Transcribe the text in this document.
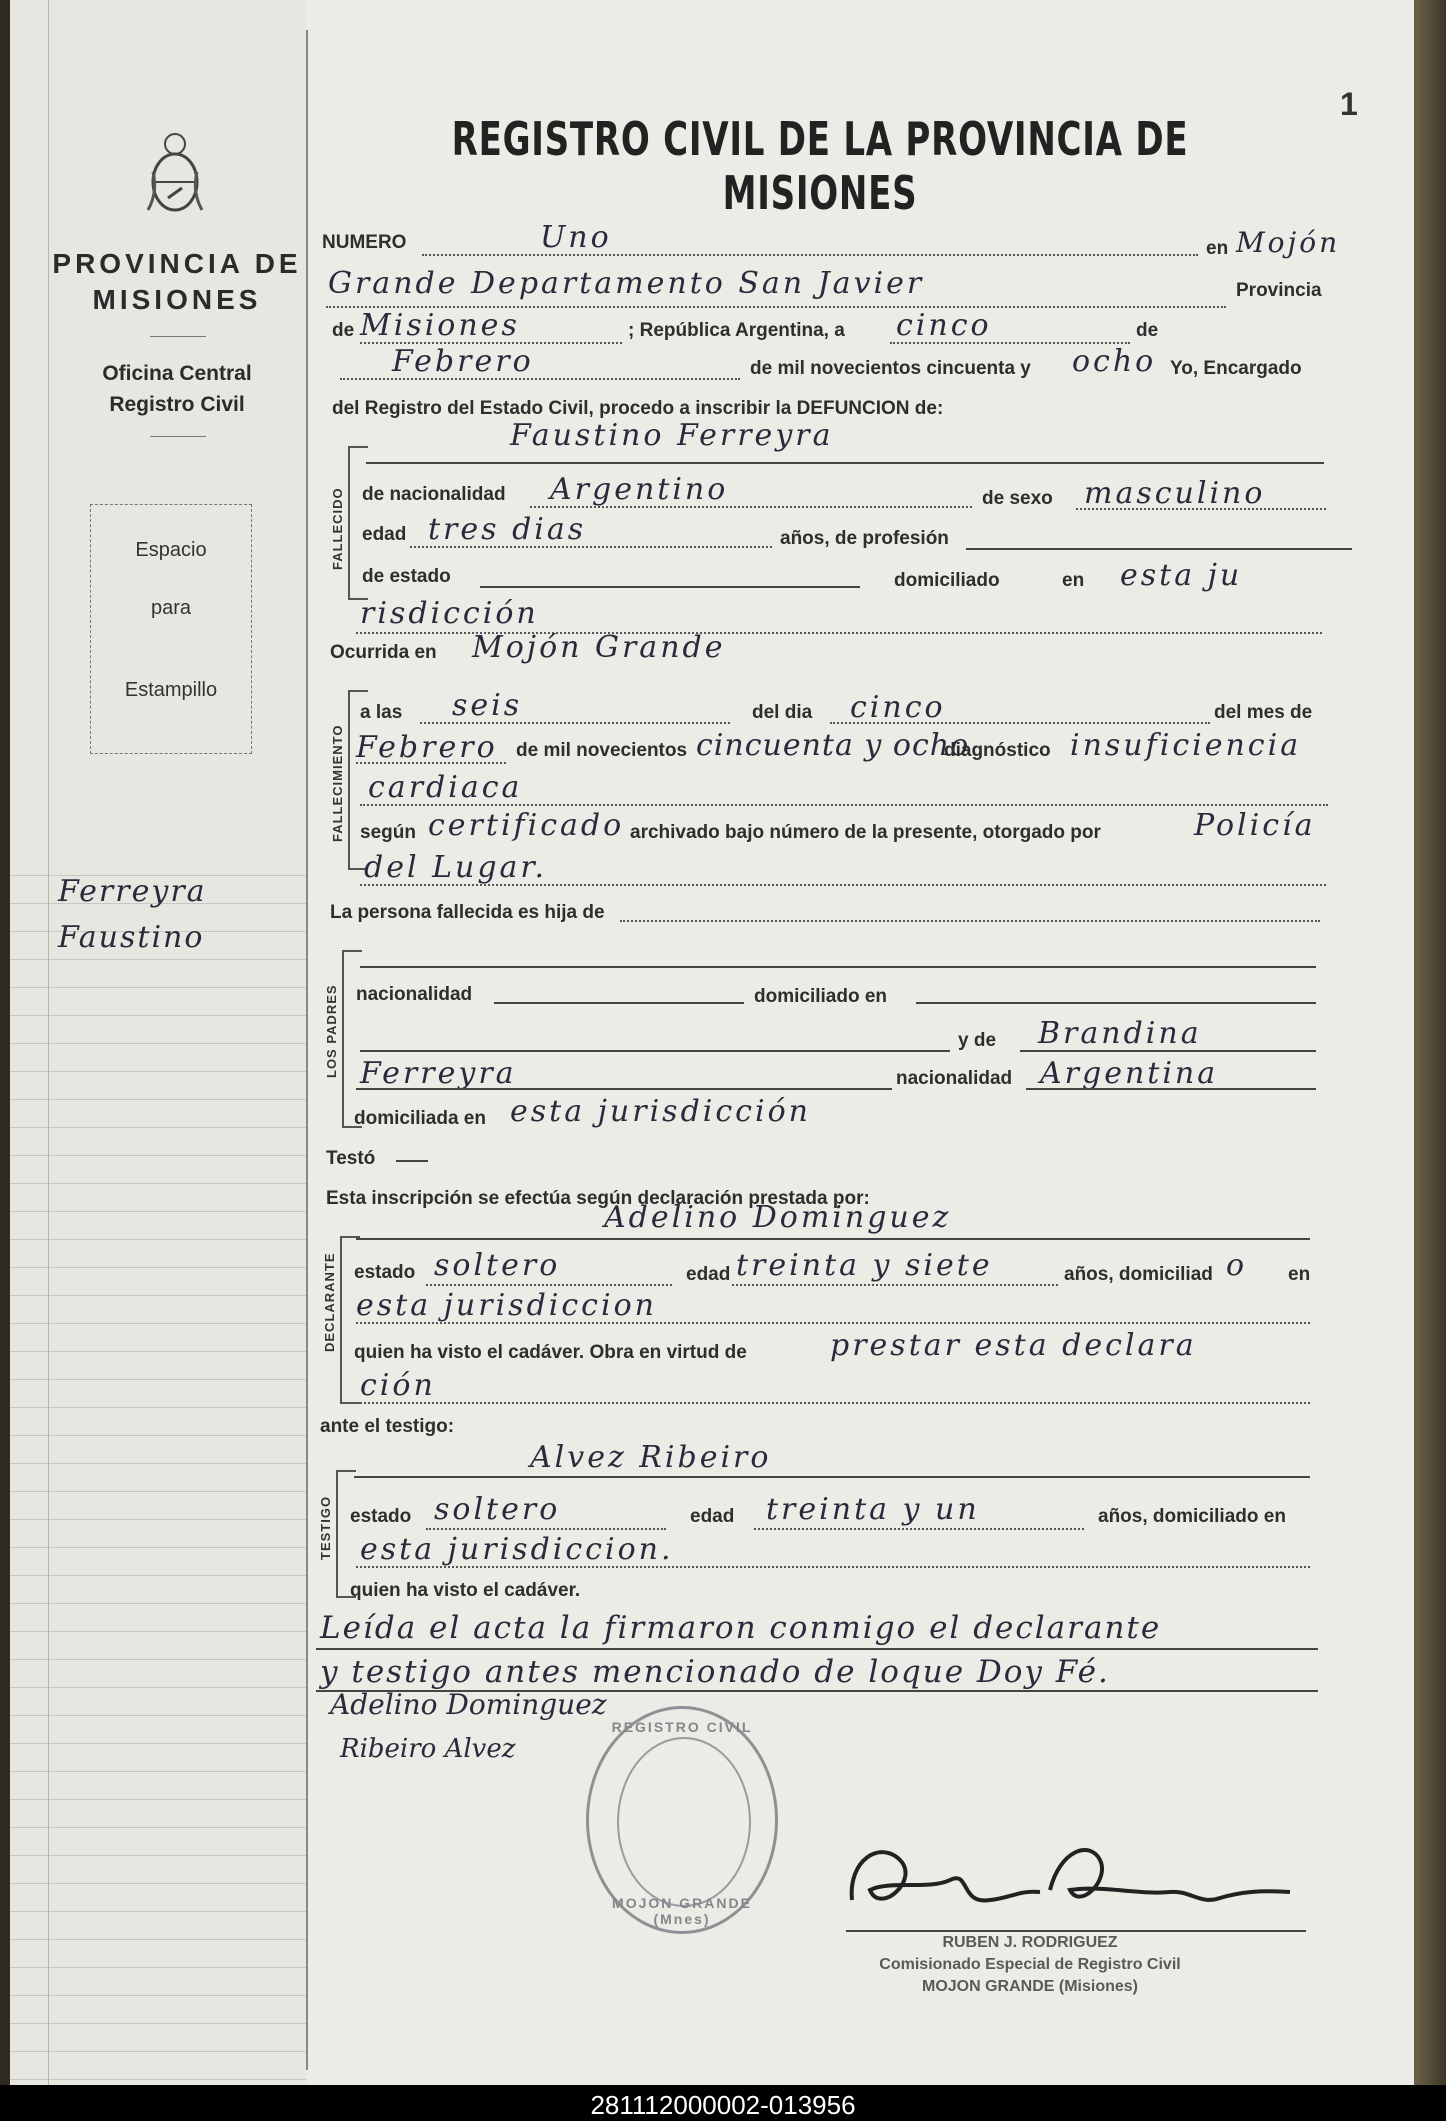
PROVINCIA DE
MISIONES
Oficina Central
Registro Civil
Espacio
para
Estampillo
Ferreyra
Faustino
REGISTRO CIVIL DE LA PROVINCIA DE MISIONES
1
NUMERO	Uno	en Mojón
Grande Departamento San Javier	Provincia
de Misiones	; República Argentina, a cinco	de
Febrero	de mil novecientos cincuenta y ocho Yo, Encargado
del Registro del Estado Civil, procedo a inscribir la DEFUNCION de:
FALLECIDO
Faustino Ferreyra
de nacionalidad Argentino	de sexo masculino
edad tres dias	años, de profesión
de estado	domiciliado	en esta ju
risdicción
Ocurrida en Mojón Grande
FALLECIMIENTO
a las seis	del dia cinco	del mes de
Febrero de mil novecientos cincuenta y ocho
diagnóstico insuficiencia
cardiaca
según certificado archivado bajo número de la presente, otorgado por	Policía
del Lugar.
La persona fallecida es hija de
LOS PADRES nacionalidad	domiciliado en
y de Brandina
Ferreyra	nacionalidad Argentina
domiciliada en esta jurisdicción
Testó
Esta inscripción se efectúa según declaración prestada por:
DECLARANTE
Adelino Dominguez
estado soltero	edad treinta y siete	años, domiciliad o en
esta jurisdiccion
quien ha visto el cadáver. Obra en virtud de	prestar esta declara
ción
ante el testigo:
TESTIGO
Alvez Ribeiro
estado soltero	edad treinta y un	años, domiciliado en
esta jurisdiccion.
quien ha visto el cadáver.
Leída el acta la firmaron conmigo el declarante
y testigo antes mencionado de loque Doy Fé.
Adelino Dominguez
Ribeiro Alvez
REGISTRO CIVIL
MOJON GRANDE (Mnes)
RUBEN J. RODRIGUEZ
Comisionado Especial de Registro Civil
MOJON GRANDE (Misiones)
281112000002-013956
